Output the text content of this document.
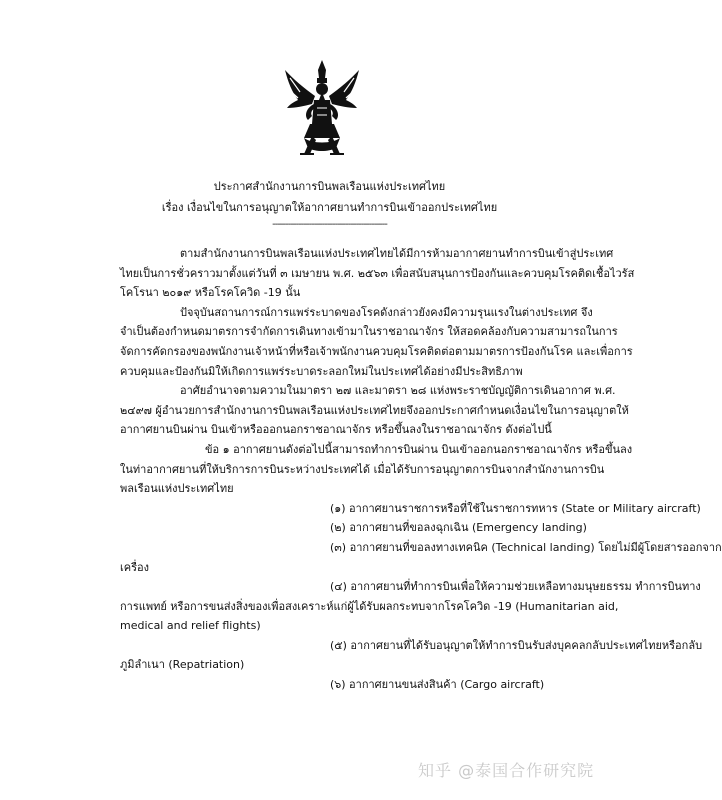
ประกาศสำนักงานการบินพลเรือนแห่งประเทศไทย
เรื่อง เงื่อนไขในการอนุญาตให้อากาศยานทำการบินเข้าออกประเทศไทย
--------------------------------------------
ตามสำนักงานการบินพลเรือนแห่งประเทศไทยได้มีการห้ามอากาศยานทำการบินเข้าสู่ประเทศ
ไทยเป็นการชั่วคราวมาตั้งแต่วันที่ ๓ เมษายน พ.ศ. ๒๕๖๓ เพื่อสนับสนุนการป้องกันและควบคุมโรคติดเชื้อไวรัส
โคโรนา ๒๐๑๙ หรือโรคโควิด -19 นั้น
ปัจจุบันสถานการณ์การแพร่ระบาดของโรคดังกล่าวยังคงมีความรุนแรงในต่างประเทศ จึง
จำเป็นต้องกำหนดมาตรการจำกัดการเดินทางเข้ามาในราชอาณาจักร ให้สอดคล้องกับความสามารถในการ
จัดการคัดกรองของพนักงานเจ้าหน้าที่หรือเจ้าพนักงานควบคุมโรคติดต่อตามมาตรการป้องกันโรค และเพื่อการ
ควบคุมและป้องกันมิให้เกิดการแพร่ระบาดระลอกใหม่ในประเทศได้อย่างมีประสิทธิภาพ
อาศัยอำนาจตามความในมาตรา ๒๗ และมาตรา ๒๘ แห่งพระราชบัญญัติการเดินอากาศ พ.ศ.
๒๔๙๗ ผู้อำนวยการสำนักงานการบินพลเรือนแห่งประเทศไทยจึงออกประกาศกำหนดเงื่อนไขในการอนุญาตให้
อากาศยานบินผ่าน บินเข้าหรือออกนอกราชอาณาจักร หรือขึ้นลงในราชอาณาจักร ดังต่อไปนี้
ข้อ ๑ อากาศยานดังต่อไปนี้สามารถทำการบินผ่าน บินเข้าออกนอกราชอาณาจักร หรือขึ้นลง
ในท่าอากาศยานที่ให้บริการการบินระหว่างประเทศได้ เมื่อได้รับการอนุญาตการบินจากสำนักงานการบิน
พลเรือนแห่งประเทศไทย
(๑) อากาศยานราชการหรือที่ใช้ในราชการทหาร (State or Military aircraft)
(๒) อากาศยานที่ขอลงฉุกเฉิน (Emergency landing)
(๓) อากาศยานที่ขอลงทางเทคนิค (Technical landing) โดยไม่มีผู้โดยสารออกจาก
เครื่อง
(๔) อากาศยานที่ทำการบินเพื่อให้ความช่วยเหลือทางมนุษยธรรม ทำการบินทาง
การแพทย์ หรือการขนส่งสิ่งของเพื่อสงเคราะห์แก่ผู้ได้รับผลกระทบจากโรคโควิด -19 (Humanitarian aid,
medical and relief flights)
(๕) อากาศยานที่ได้รับอนุญาตให้ทำการบินรับส่งบุคคลกลับประเทศไทยหรือกลับ
ภูมิลำเนา (Repatriation)
(๖) อากาศยานขนส่งสินค้า (Cargo aircraft)
知乎 @泰国合作研究院
